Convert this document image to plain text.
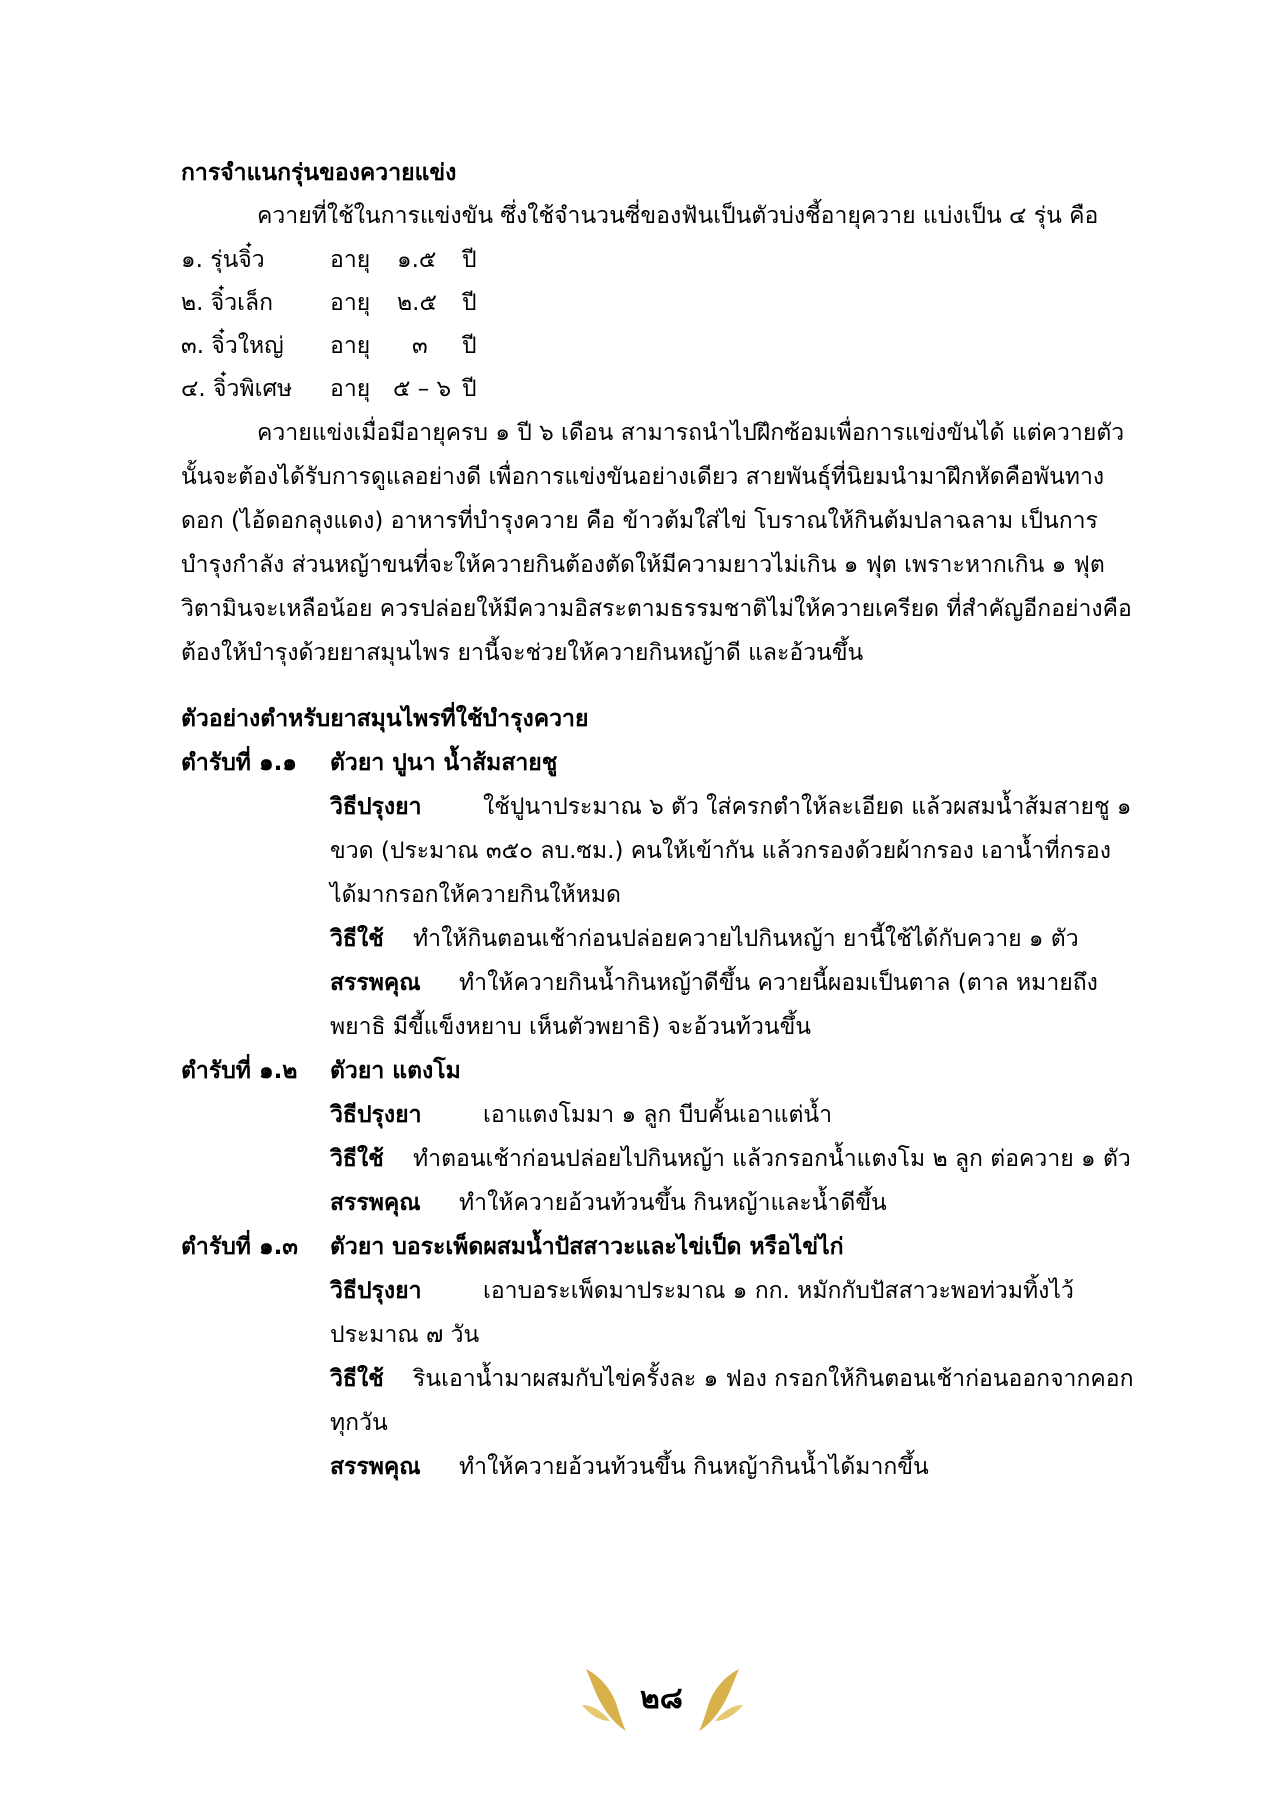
การจำแนกรุ่นของควายแข่ง
ควายที่ใช้ในการแข่งขัน ซึ่งใช้จำนวนซี่ของฟันเป็นตัวบ่งชี้อายุควาย แบ่งเป็น ๔ รุ่น คือ
๑. รุ่นจิ๋ว	อายุ ๑.๕ ปี
๒. จิ๋วเล็ก อายุ ๒.๕ ปี
๓. จิ๋วใหญ่ อายุ ๓ ปี
๔. จิ๋วพิเศษ อายุ ๕ – ๖ ปี
ควายแข่งเมื่อมีอายุครบ ๑ ปี ๖ เดือน สามารถนำไปฝึกซ้อมเพื่อการแข่งขันได้ แต่ควายตัว
นั้นจะต้องได้รับการดูแลอย่างดี เพื่อการแข่งขันอย่างเดียว สายพันธุ์ที่นิยมนำมาฝึกหัดคือพันทาง
ดอก (ไอ้ดอกลุงแดง) อาหารที่บำรุงควาย คือ ข้าวต้มใส่ไข่ โบราณให้กินต้มปลาฉลาม เป็นการ
บำรุงกำลัง ส่วนหญ้าขนที่จะให้ควายกินต้องตัดให้มีความยาวไม่เกิน ๑ ฟุต เพราะหากเกิน ๑ ฟุต
วิตามินจะเหลือน้อย ควรปล่อยให้มีความอิสระตามธรรมชาติไม่ให้ควายเครียด ที่สำคัญอีกอย่างคือ
ต้องให้บำรุงด้วยยาสมุนไพร ยานี้จะช่วยให้ควายกินหญ้าดี และอ้วนขึ้น
ตัวอย่างตำหรับยาสมุนไพรที่ใช้บำรุงควาย
ตำรับที่ ๑.๑ ตัวยา ปูนา น้ำส้มสายชู
วิธีปรุงยา	ใช้ปูนาประมาณ ๖ ตัว ใส่ครกตำให้ละเอียด แล้วผสมน้ำส้มสายชู ๑
ขวด (ประมาณ ๓๕๐ ลบ.ซม.) คนให้เข้ากัน แล้วกรองด้วยผ้ากรอง เอาน้ำที่กรอง
ได้มากรอกให้ควายกินให้หมด
วิธีใช้ ทำให้กินตอนเช้าก่อนปล่อยควายไปกินหญ้า ยานี้ใช้ได้กับควาย ๑ ตัว
สรรพคุณ ทำให้ควายกินน้ำกินหญ้าดีขึ้น ควายนี้ผอมเป็นตาล (ตาล หมายถึง
พยาธิ มีขี้แข็งหยาบ เห็นตัวพยาธิ) จะอ้วนท้วนขึ้น
ตำรับที่ ๑.๒ ตัวยา แตงโม
วิธีปรุงยา	เอาแตงโมมา ๑ ลูก บีบคั้นเอาแต่น้ำ
วิธีใช้ ทำตอนเช้าก่อนปล่อยไปกินหญ้า แล้วกรอกน้ำแตงโม ๒ ลูก ต่อควาย ๑ ตัว
สรรพคุณ ทำให้ควายอ้วนท้วนขึ้น กินหญ้าและน้ำดีขึ้น
ตำรับที่ ๑.๓ ตัวยา บอระเพ็ดผสมน้ำปัสสาวะและไข่เป็ด หรือไข่ไก่
วิธีปรุงยา	เอาบอระเพ็ดมาประมาณ ๑ กก. หมักกับปัสสาวะพอท่วมทิ้งไว้
ประมาณ ๗ วัน
วิธีใช้ รินเอาน้ำมาผสมกับไข่ครั้งละ ๑ ฟอง กรอกให้กินตอนเช้าก่อนออกจากคอก
ทุกวัน
สรรพคุณ ทำให้ควายอ้วนท้วนขึ้น กินหญ้ากินน้ำได้มากขึ้น
๒๘
